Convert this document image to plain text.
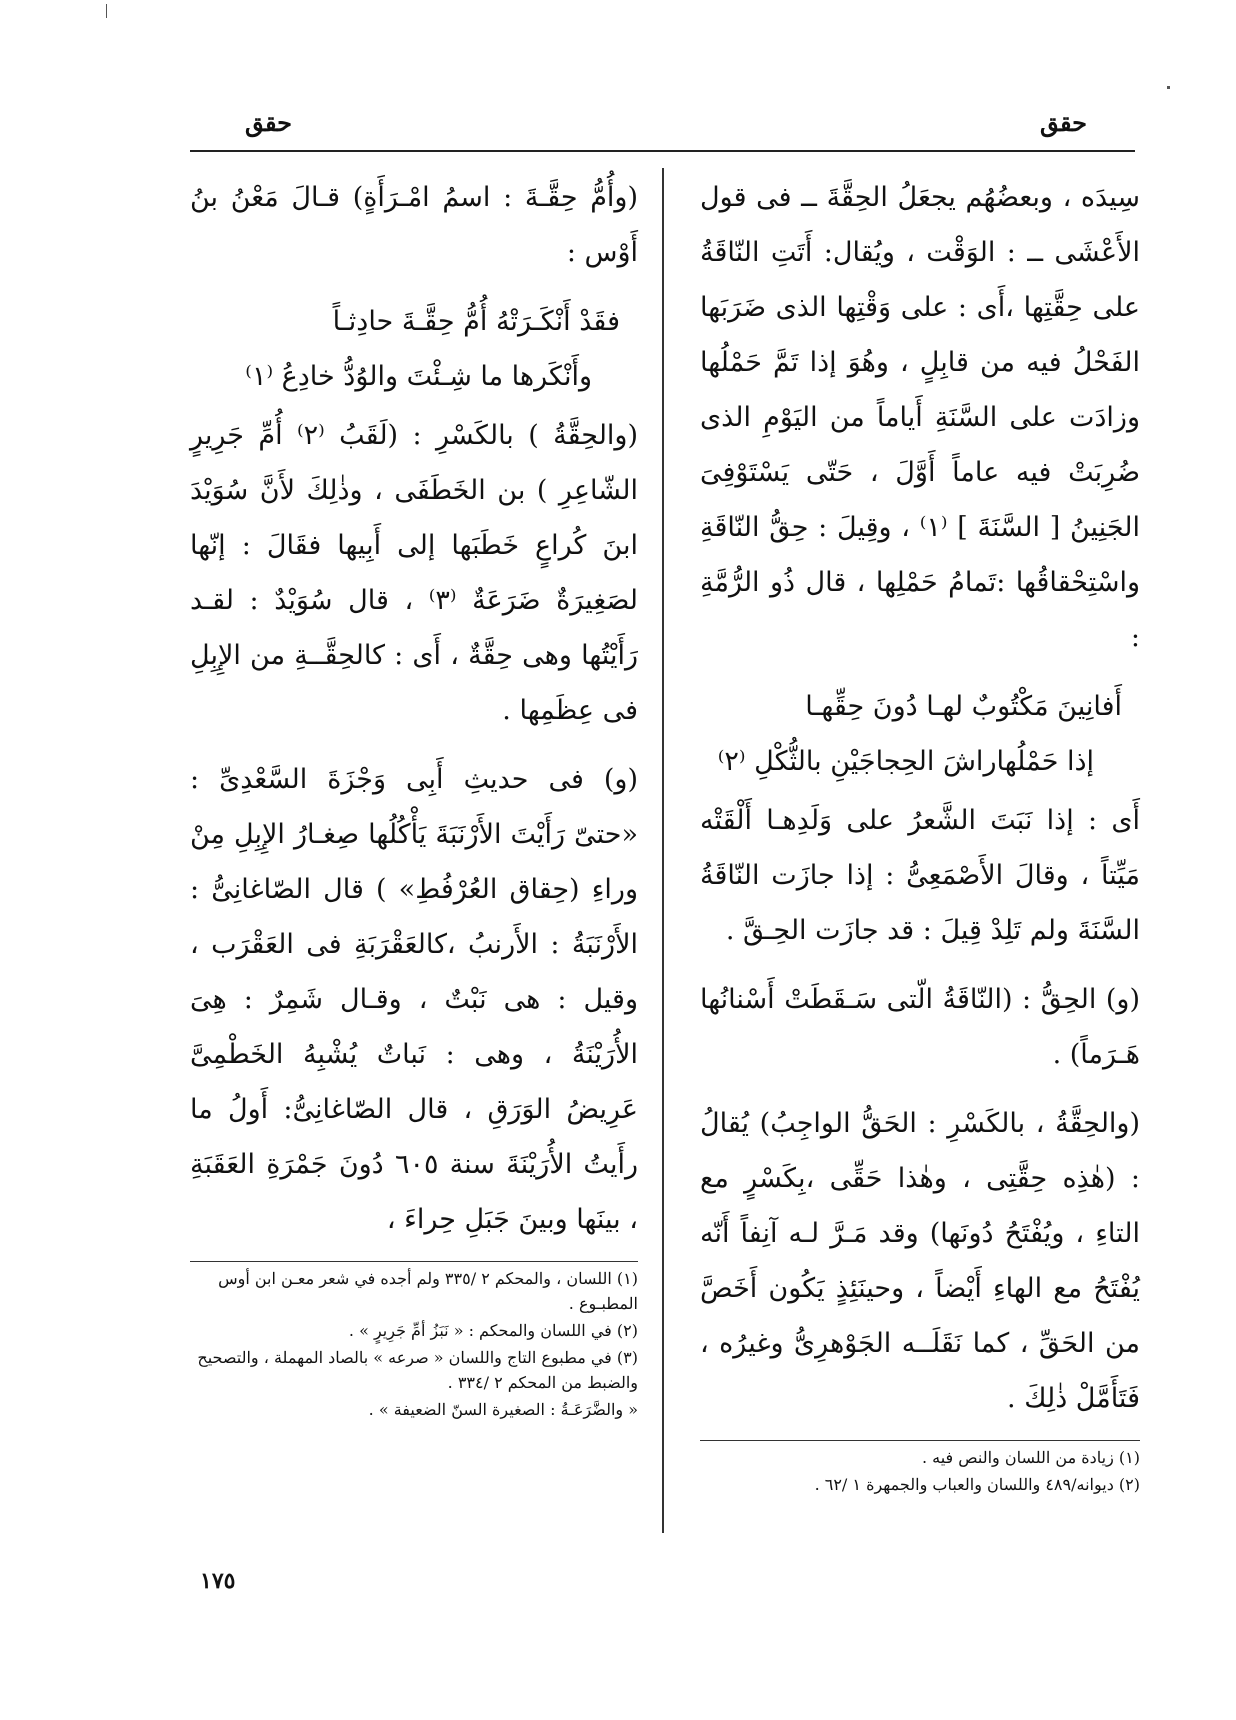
حقق	حقق

سِيدَه ، وبعضُهُم يجعَلُ الحِقَّةَ ــ فى قول الأَعْشَى ــ : الوَقْت ، ويُقال: أَتَتِ النّاقَةُ على حِقَّتِها ،أَى : على وَقْتِها الذى ضَرَبَها الفَحْلُ فيه من قابِلٍ ، وهُوَ إذا تَمَّ حَمْلُها وزادَت على السَّنَةِ أَياماً من اليَوْمِ الذى ضُرِبَتْ فيه عاماً أَوَّلَ ، حَتّى يَسْتَوْفِىَ الجَنِينُ [ السَّنَةَ ] ⁽١⁾ ، وقِيلَ : حِقُّ النّاقَةِ واسْتِحْقاقُها :تَمامُ حَمْلِها ، قال ذُو الرُّمَّةِ :

أَفانِينَ مَكْتُوبٌ لهـا دُونَ حِقِّهـا
إذا حَمْلُهاراشَ الحِجاجَيْنِ بالثُّكْلِ ⁽٢⁾

أَى : إذا نَبَتَ الشَّعرُ على وَلَدِهـا أَلْقَتْه مَيِّتاً ، وقالَ الأَصْمَعِىُّ : إذا جازَت النّاقَةُ السَّنَةَ ولم تَلِدْ قِيلَ : قد جازَت الحِـقَّ .

(و) الحِقُّ : (النّاقَةُ الّتى سَـقَطَتْ أَسْنانُها هَـرَماً) .

(والحِقَّةُ ، بالكَسْرِ : الحَقُّ الواجِبُ) يُقالُ : (هٰذِه حِقَّتِى ، وهٰذا حَقِّى ،بِكَسْرٍ مع التاءِ ، ويُفْتَحُ دُونَها) وقد مَـرَّ لـه آنِفاً أَنّه يُفْتَحُ مع الهاءِ أَيْضاً ، وحينَئِذٍ يَكُون أَخَصَّ من الحَقِّ ، كما نَقَلَــه الجَوْهرِىُّ وغيرُه ، فَتَأَمَّلْ ذٰلِكَ .

(١) زيادة من اللسان والنص فيه .
(٢) ديوانه/٤٨٩ واللسان والعباب والجمهرة ١ /٦٢ .

(وأُمُّ حِقَّـةَ : اسمُ امْـرَأَةٍ) قـالَ مَعْنُ بنُ أَوْس :

فقَدْ أَنْكَـرَتْهُ أُمُّ حِقَّـةَ حادِثـاً
وأَنْكَرها ما شِـئْتَ والوُدُّ خادِعُ ⁽١⁾

(والحِقَّةُ ) بالكَسْرِ : (لَقَبُ ⁽٢⁾ أُمِّ جَرِيرٍ الشّاعِرِ ) بن الخَطَفَى ، وذٰلِكَ لأَنَّ سُوَيْدَ ابنَ كُراعٍ خَطَبَها إلى أَبِيها فقَالَ : إنّها لصَغِيرَةٌ ضَرَعَةٌ ⁽٣⁾ ، قال سُوَيْدٌ : لقـد رَأَيْتُها وهى حِقَّةٌ ، أَى : كالحِقَّــةِ من الإِبِلِ فى عِظَمِها .

(و) فى حديثِ أَبِى وَجْزَةَ السَّعْدِىِّ : «حتىّ رَأَيْتَ الأَرْنَبَةَ يَأْكُلُها صِغـارُ الإِبِلِ مِنْ وراءِ (حِقاق العُرْفُطِ» ) قال الصّاغانِىُّ : الأَرْنَبَةُ : الأَرنبُ ،كالعَقْرَبَةِ فى العَقْرَب ، وقيل : هى نَبْتٌ ، وقـال شَمِرٌ : هِىَ الأُرَيْنَةُ ، وهى : نَباتٌ يُشْبِهُ الخَطْمِىَّ عَرِيضُ الوَرَقِ ، قال الصّاغانِىُّ: أَولُ ما رأَيتُ الأُرَيْنَةَ سنة ٦٠٥ دُونَ جَمْرَةِ العَقَبَةِ ، بينَها وبينَ جَبَلِ حِراءَ ،

(١) اللسان ، والمحكم ٢ /٣٣٥ ولم أجده في شعر معـن ابن أوس المطبـوع .
(٢) في اللسان والمحكم : « نَبَزُ أمِّ جَرِيرٍ » .
(٣) في مطبوع التاج واللسان « صرعه » بالصاد المهملة ، والتصحيح والضبط من المحكم ٢ /٣٣٤ .
« والضَّرَعَـةُ : الصغيرة السنّ الضعيفة » .
١٧٥
